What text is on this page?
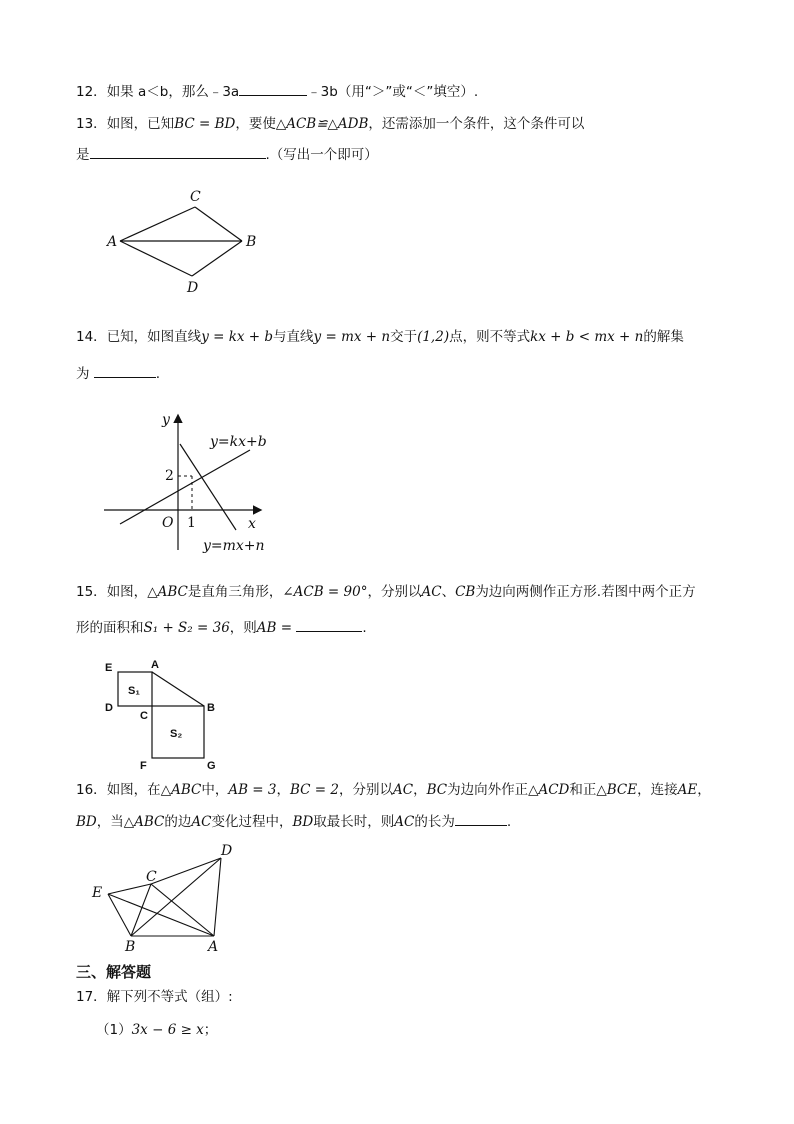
12．如果 a＜b，那么﹣3a	﹣3b（用“＞”或“＜”填空）.
13．如图，已知BC = BD，要使△ACB≌△ADB，还需添加一个条件，这个条件可以
是	.（写出一个即可）
C
A	B
D
14．已知，如图直线y = kx + b与直线y = mx + n交于(1,2)点，则不等式kx + b < mx + n的解集
为	.
y
x
O 1
2
y=kx+b
y=mx+n
15．如图，△ABC是直角三角形，∠ACB = 90°，分别以AC、CB为边向两侧作正方形.若图中两个正方
形的面积和S₁ + S₂ = 36，则AB =	.
E	A
D
C
B
F	G
S₁
S₂
16．如图，在△ABC中，AB = 3，BC = 2，分别以AC，BC为边向外作正△ACD和正△BCE，连接AE，
BD，当△ABC的边AC变化过程中，BD取最长时，则AC的长为	.
D
E
C
B	A
三、解答题
17．解下列不等式（组）:
（1）3x − 6 ≥ x；
